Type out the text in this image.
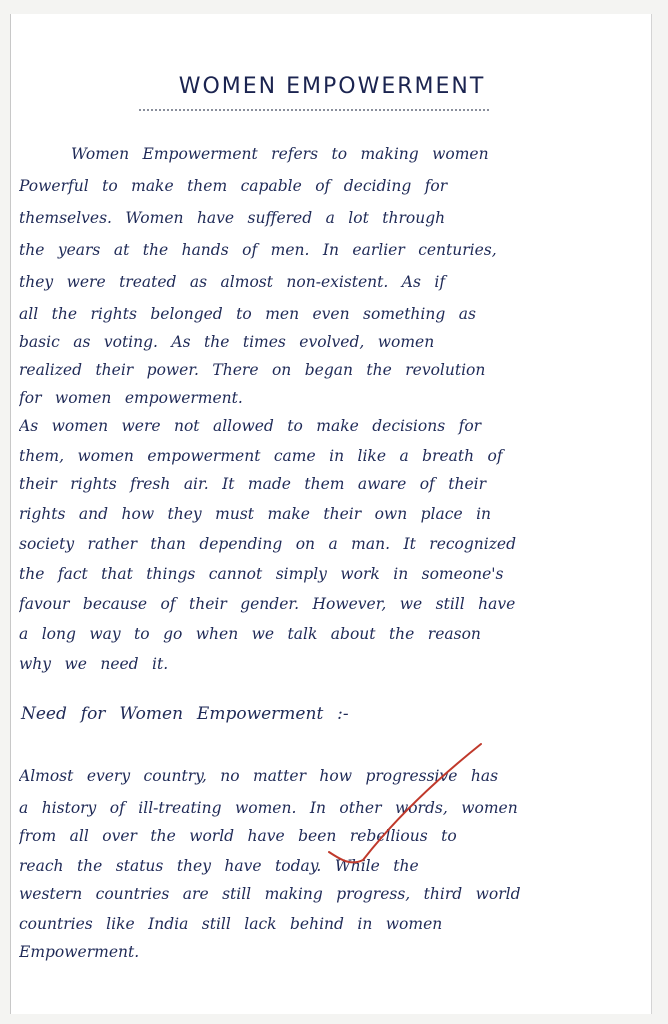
WOMEN EMPOWERMENT
Women Empowerment refers to making women
Powerful to make them capable of deciding for
themselves. Women have suffered a lot through
the years at the hands of men. In earlier centuries,
they were treated as almost non-existent. As if
all the rights belonged to men even something as
basic as voting. As the times evolved, women
realized their power. There on began the revolution
for women empowerment.
As women were not allowed to make decisions for
them, women empowerment came in like a breath of
their rights fresh air. It made them aware of their
rights and how they must make their own place in
society rather than depending on a man. It recognized
the fact that things cannot simply work in someone's
favour because of their gender. However, we still have
a long way to go when we talk about the reason
why we need it.
Need for Women Empowerment :-
Almost every country, no matter how progressive has
a history of ill-treating women. In other words, women
from all over the world have been rebellious to
reach the status they have today. While the
western countries are still making progress, third world
countries like India still lack behind in women
Empowerment.
